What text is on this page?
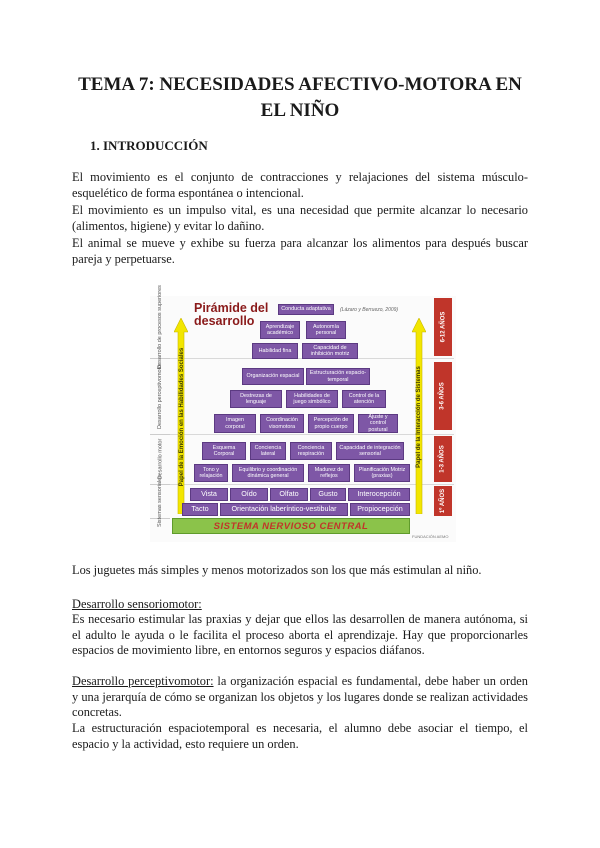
TEMA 7: NECESIDADES AFECTIVO-MOTORA EN EL NIÑO
1. INTRODUCCIÓN

El movimiento es el conjunto de contracciones y relajaciones del sistema músculo-esquelético de forma espontánea o intencional.

El movimiento es un impulso vital, es una necesidad que permite alcanzar lo necesario (alimentos, higiene) y evitar lo dañino.

El animal se mueve y exhibe su fuerza para alcanzar los alimentos para después buscar pareja y perpetuarse.

Desarrollo de procesos superiores
Desarrollo perceptivomotor
Desarrollo motor
Sistemas sensoriales
Papel de la Emoción en las Habilidades Sociales	Papel de la Interacción de Sistemas
6-12 AÑOS
3-6 AÑOS
1-3 AÑOS
1º AÑOS
Pirámide del
desarrollo
(Lázaro y Berruezo, 2009)
Conducta adaptativa
Aprendizaje académico
Autonomía personal
Habilidad fina
Capacidad de inhibición motriz
Organización espacial
Estructuración espacio-temporal
Destrezas de lenguaje
Habilidades de juego simbólico
Control de la atención
Imagen corporal
Coordinación visomotora
Percepción de propio cuerpo
Ajuste y control postural
Esquema Corporal
Conciencia lateral
Conciencia respiración
Capacidad de integración sensorial
Tono y relajación
Equilibrio y coordinación dinámica general
Madurez de reflejos
Planificación Motriz (praxias)
Vista	Oído	Olfato	Gusto	Interocepción
Tacto	Orientación laberíntico-vestibular	Propiocepción
SISTEMA NERVIOSO CENTRAL
FUNDACIÓN AEMO

Los juguetes más simples y menos motorizados son los que más estimulan al niño.

Desarrollo sensoriomotor:

Es necesario estimular las praxias y dejar que ellos las desarrollen de manera autónoma, si el adulto le ayuda o le facilita el proceso aborta el aprendizaje. Hay que proporcionarles espacios de movimiento libre, en entornos seguros y espacios diáfanos.

Desarrollo perceptivomotor: la organización espacial es fundamental, debe haber un orden y una jerarquía de cómo se organizan los objetos y los lugares donde se realizan actividades concretas.

La estructuración espaciotemporal es necesaria, el alumno debe asociar el tiempo, el espacio y la actividad, esto requiere un orden.
